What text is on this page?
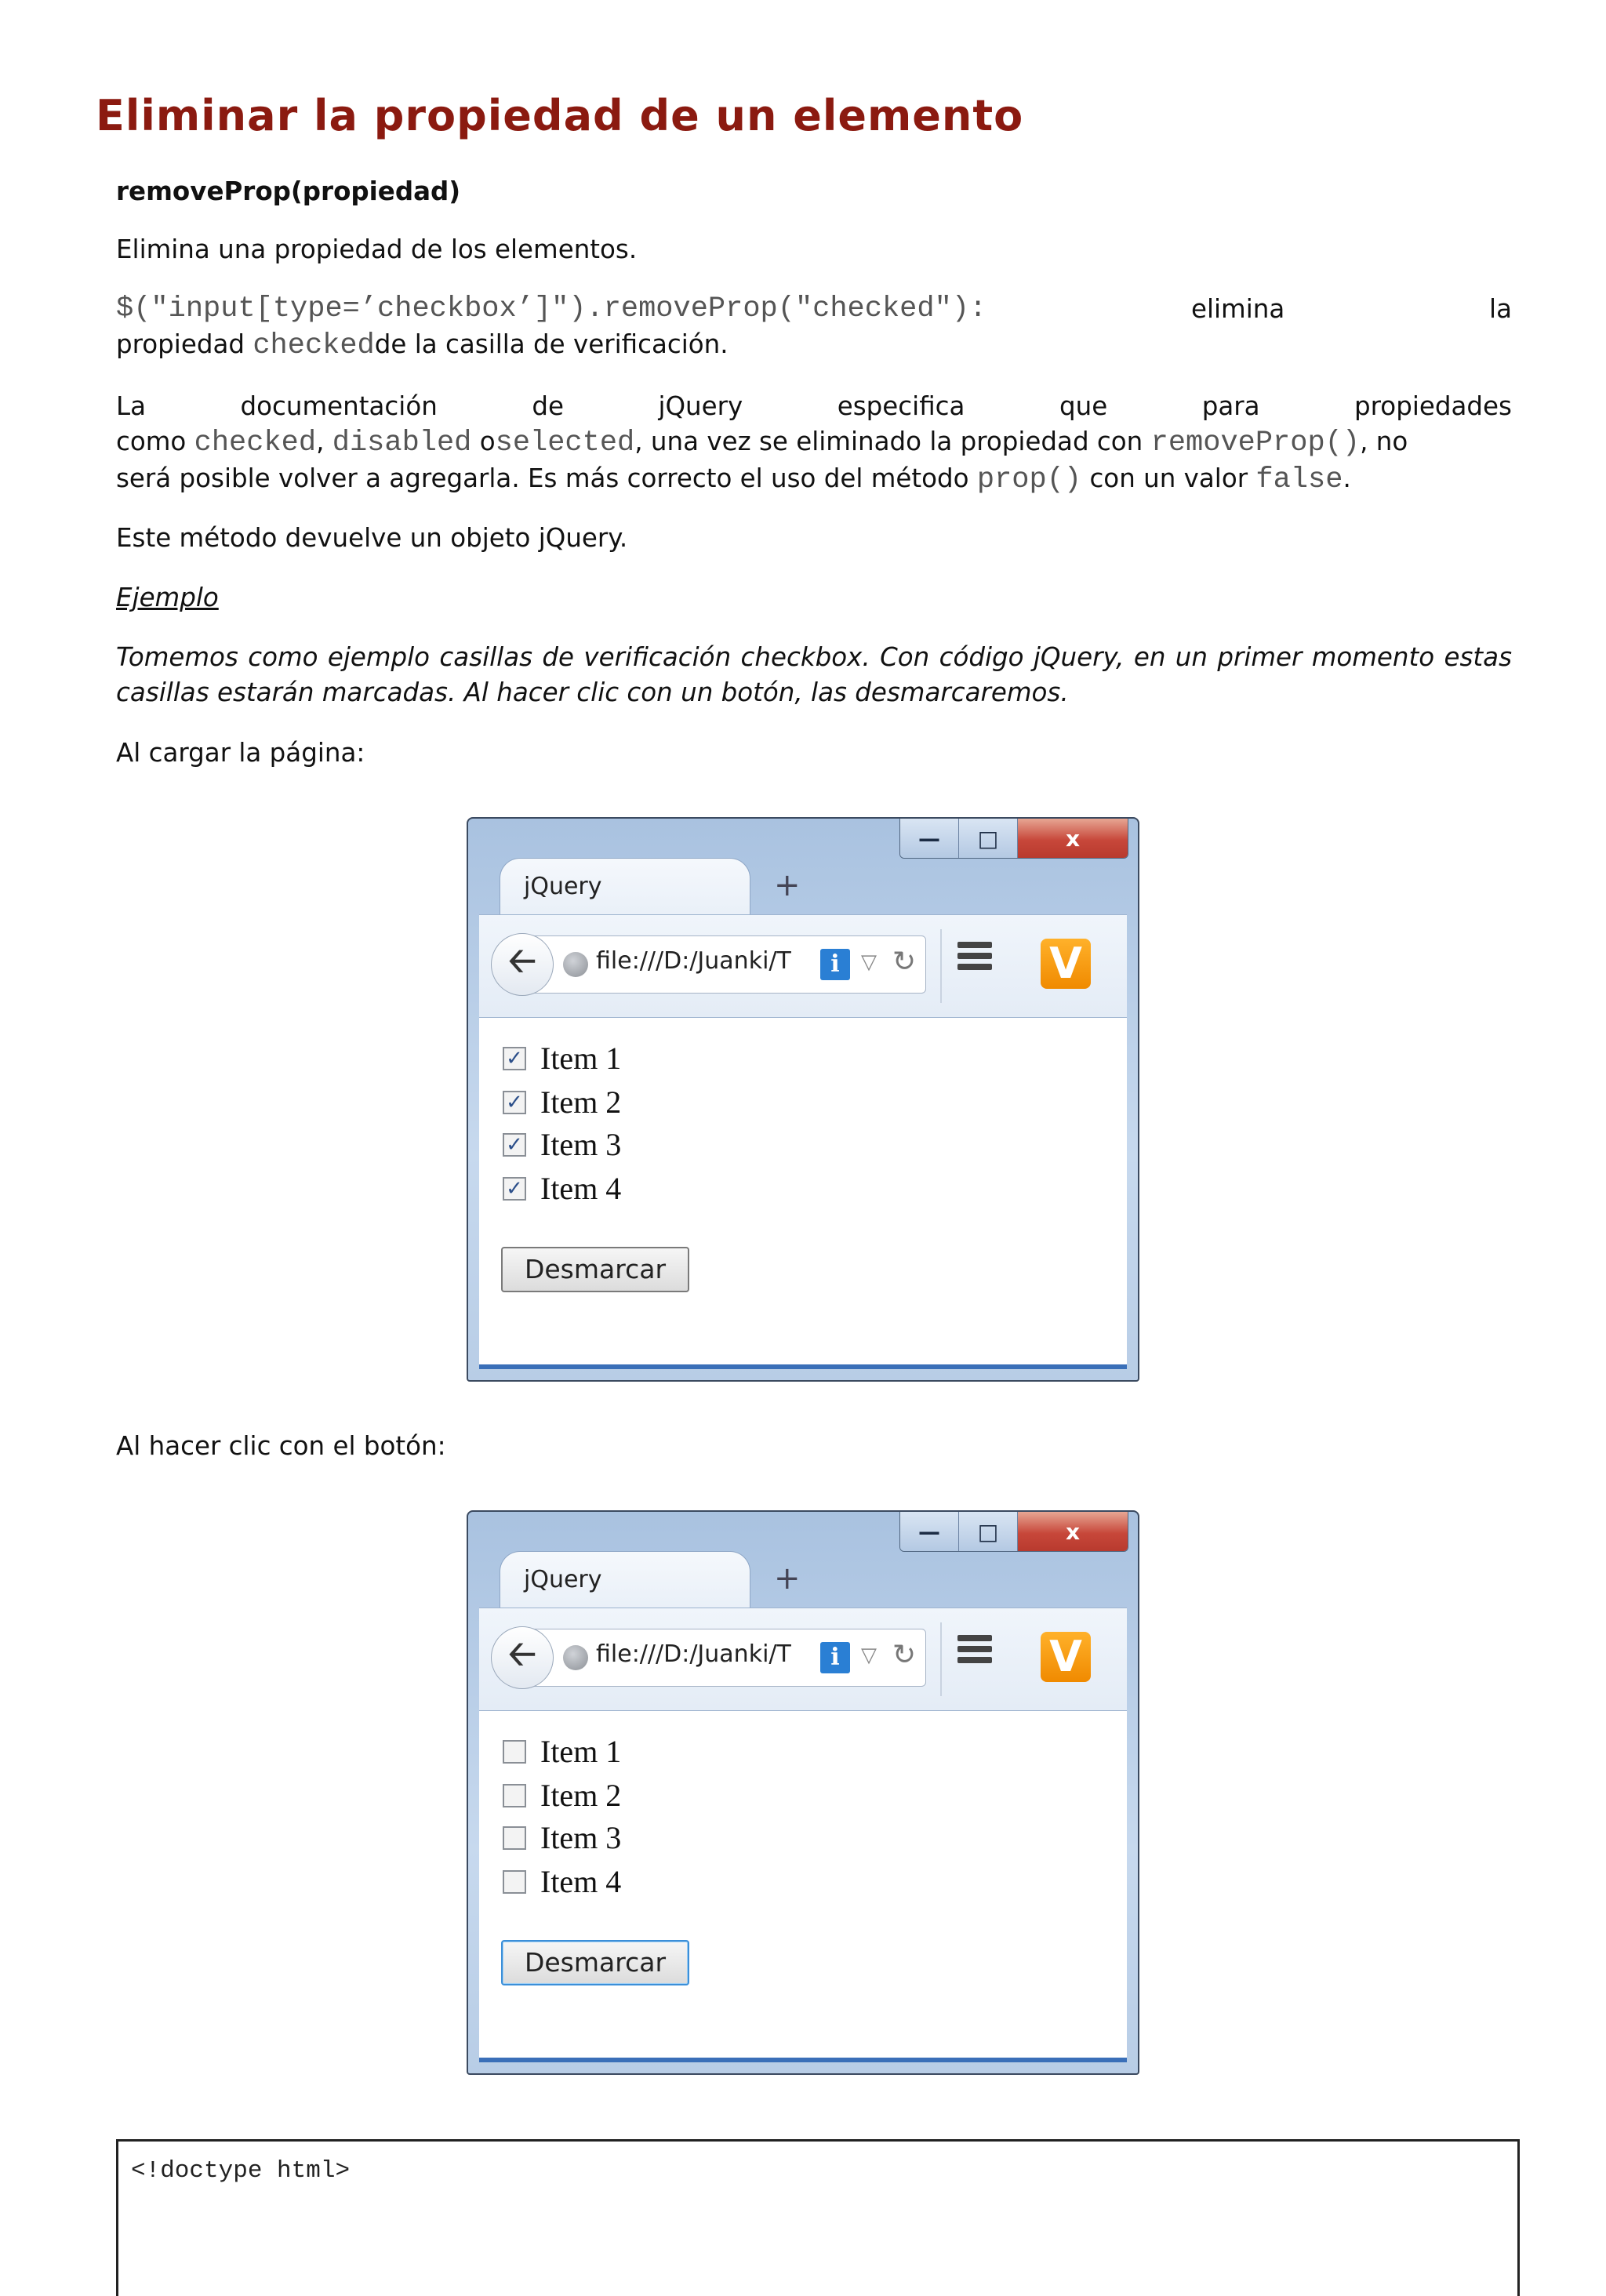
Eliminar la propiedad de un elemento

removeProp(propiedad)

Elimina una propiedad de los elementos.

$("input[type=’checkbox’]").removeProp("checked"):	elimina	la
propiedad checkedde la casilla de verificación.
La	documentación	de	jQuery	especifica	que	para	propiedades
como checked, disabled oselected, una vez se eliminado la propiedad con removeProp(), no
será posible volver a agregarla. Es más correcto el uso del método prop() con un valor false.

Este método devuelve un objeto jQuery.

Ejemplo

Tomemos como ejemplo casillas de verificación checkbox. Con código jQuery, en un primer momento estas casillas estarán marcadas. Al hacer clic con un botón, las desmarcaremos.

Al cargar la página:

—	□	x
jQuery	+
🡠	file:///D:/Juanki/T	i	▽ ↻	V
✓ Item 1
✓ Item 2
✓ Item 3
✓ Item 4
Desmarcar

Al hacer clic con el botón:

—	□	x
jQuery	+
🡠	file:///D:/Juanki/T	i	▽ ↻	V
Item 1
Item 2
Item 3
Item 4
Desmarcar
<!doctype html>
